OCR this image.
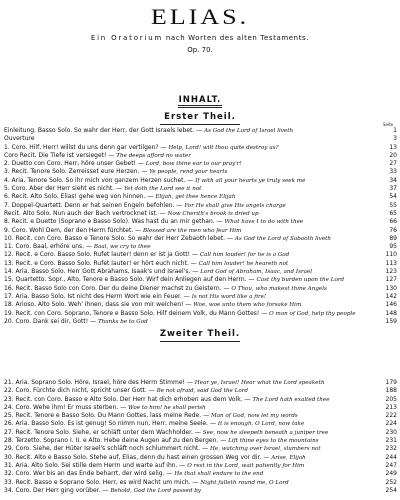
ELIAS.
Ein Oratorium nach Worten des alten Testaments.
Op. 70.
INHALT.
Erster Theil.
Seite
Einleitung. Basso Solo. So wahr der Herr, der Gott Israels lebet. — As God the Lord of Israel liveth	1
Ouverture	3
1. Coro. Hilf, Herr! willst du uns denn gar vertilgen? — Help, Lord! wilt thou quite destroy us?	13
Coro Recit. Die Tiefe ist versieget! — The deeps afford no water	20
2. Duetto con Coro. Herr, höre unser Gebet! — Lord, bow thine ear to our pray'r!	27
3. Recit. Tenore Solo. Zerreisset eure Herzen. — Ye people, rend your hearts	33
4. Aria. Tenore Solo. So ihr mich von ganzem Herzen suchet. — If with all your hearts ye truly seek me	34
5. Coro. Aber der Herr sieht es nicht. — Yet doth the Lord see it not	37
6. Recit. Alto Solo. Elias! gehe weg von hinnen. — Elijah, get thee hence Elijah	54
7. Doppel-Quartett. Denn er hat seinen Engeln befohlen. — For He shall give His angels charge	55
Recit. Alto Solo. Nun auch der Bach vertrocknet ist. — Now Cherith's brook is dried up	65
8. Recit. e Duetto (Soprano e Basso Solo). Was hast du an mir gethan. — What have I to do with thee	66
9. Coro. Wohl Dem, der den Herrn fürchtet. — Blessed are the men who fear Him	76
10. Recit. con Coro. Basso e Tenore Solo. So wahr der Herr Zebaoth lebet. — As God the Lord of Sabaoth liveth	89
11. Coro. Baal, erhöre uns. — Baal, we cry to thee	95
12. Recit. e Coro. Basso Solo. Rufet lauter! denn er ist ja Gott! — Call him louder! for he is a God	110
13. Recit. e Coro. Basso Solo. Rufet lauter! er hört euch nicht. — Call him louder! he heareth not	113
14. Aria. Basso Solo. Herr Gott Abrahams, Isaak's und Israel's. — Lord God of Abraham, Isaac, and Israel	123
15. Quartetto. Sopr., Alto, Tenore e Basso Solo. Wirf dein Anliegen auf den Herrn. — Cast thy burden upon the Lord	127
16. Recit. Basso Solo con Coro. Der du deine Diener machst zu Geistern. — O Thou, who makest thine Angels	130
17. Aria. Basso Solo. Ist nicht des Herrn Wort wie ein Feuer. — Is not His word like a fire!	142
18. Arioso. Alto Solo. Weh' ihnen, dass sie von mir weichen! — Woe, woe unto them who forsake Him	146
19. Recit. con Coro. Soprano, Tenore e Basso Solo. Hilf deinem Volk, du Mann Gottes! — O man of God, help thy people	148
20. Coro. Dank sei dir, Gott! — Thanks be to God	159
Zweiter Theil.
21. Aria. Soprano Solo. Höre, Israel, höre des Herrn Stimme! — Hear ye, Israel! Hear what the Lord speaketh	179
22. Coro. Fürchte dich nicht, spricht unser Gott. — Be not afraid, said God the Lord	188
23. Recit. con Coro. Basso e Alto Solo. Der Herr hat dich erhoben aus dem Volk. — The Lord hath exalted thee	205
24. Coro. Wehe ihm! Er muss sterben. — Woe to him! he shall perish	213
25. Recit. Tenore e Basso Solo. Du Mann Gottes, lass meine Rede. — Man of God, now let my words	222
26. Aria. Basso Solo. Es ist genug! So nimm nun, Herr, meine Seele. — It is enough, O Lord, now take	224
27. Recit. Tenore Solo. Siehe, er schläft unter dem Wachholder. — See, now he sleepeth beneath a juniper tree	230
28. Terzetto. Soprano I. II. e Alto. Hebe deine Augen auf zu den Bergen. — Lift thine eyes to the mountains	231
29. Coro. Siehe, der Hüter Israel's schläft noch schlummert nicht. — He, watching over Israel, slumbers not	232
30. Recit. Alto e Basso Solo. Stehe auf, Elias, denn du hast einen grossen Weg vor dir. — Arise, Elijah	244
31. Aria. Alto Solo. Sei stille dem Herrn und warte auf ihn. — O rest in the Lord, wait patiently for Him	247
32. Coro. Wer bis an das Ende beharrt, der wird selig. — He that shall endure to the end	249
33. Recit. Basso e Soprano Solo. Herr, es wird Nacht um mich. — Night falleth round me, O Lord	252
34. Coro. Der Herr ging vorüber. — Behold, God the Lord passed by	254
